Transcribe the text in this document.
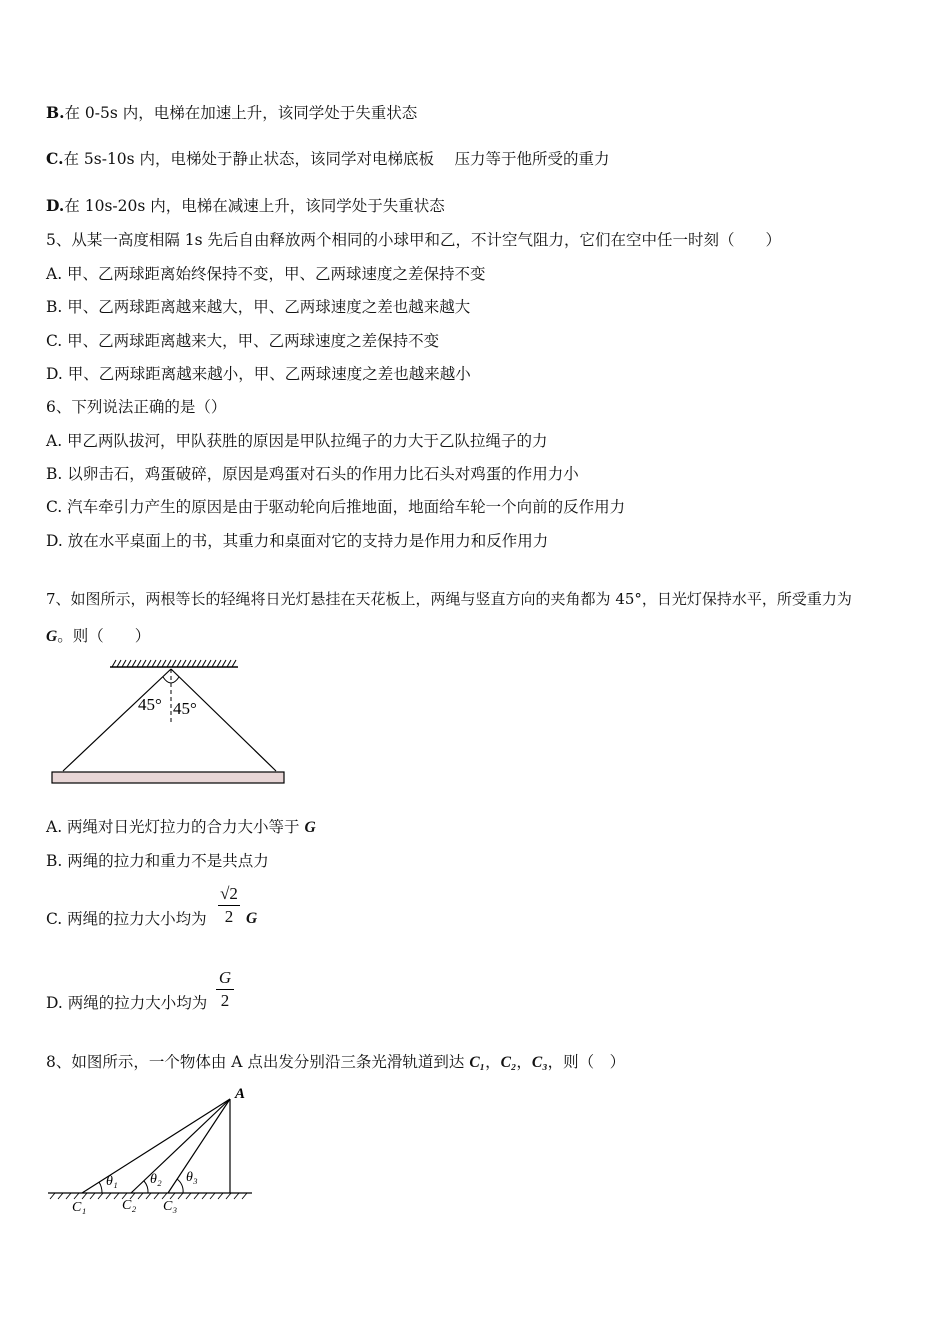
B.在 0-5s 内，电梯在加速上升，该同学处于失重状态
C.在 5s-10s 内，电梯处于静止状态，该同学对电梯底板 　压力等于他所受的重力
D.在 10s-20s 内，电梯在减速上升，该同学处于失重状态
5、从某一高度相隔 1s 先后自由释放两个相同的小球甲和乙，不计空气阻力，它们在空中任一时刻（　　）
A. 甲、乙两球距离始终保持不变，甲、乙两球速度之差保持不变
B. 甲、乙两球距离越来越大，甲、乙两球速度之差也越来越大
C. 甲、乙两球距离越来大，甲、乙两球速度之差保持不变
D. 甲、乙两球距离越来越小，甲、乙两球速度之差也越来越小
6、下列说法正确的是（）
A. 甲乙两队拔河，甲队获胜的原因是甲队拉绳子的力大于乙队拉绳子的力
B. 以卵击石，鸡蛋破碎，原因是鸡蛋对石头的作用力比石头对鸡蛋的作用力小
C. 汽车牵引力产生的原因是由于驱动轮向后推地面，地面给车轮一个向前的反作用力
D. 放在水平桌面上的书，其重力和桌面对它的支持力是作用力和反作用力
7、如图所示，两根等长的轻绳将日光灯悬挂在天花板上，两绳与竖直方向的夹角都为 45°，日光灯保持水平，所受重力为
G。则（　　）
45° 45°
A. 两绳对日光灯拉力的合力大小等于 G
B. 两绳的拉力和重力不是共点力
C. 两绳的拉力大小均为
√2
2 G
D. 两绳的拉力大小均为
G
2
8、如图所示，一个物体由 A 点出发分别沿三条光滑轨道到达 C₁，C₂，C₃，则（　）
A
θ₁ θ₂ θ₃
C₁	C₂ C₃
